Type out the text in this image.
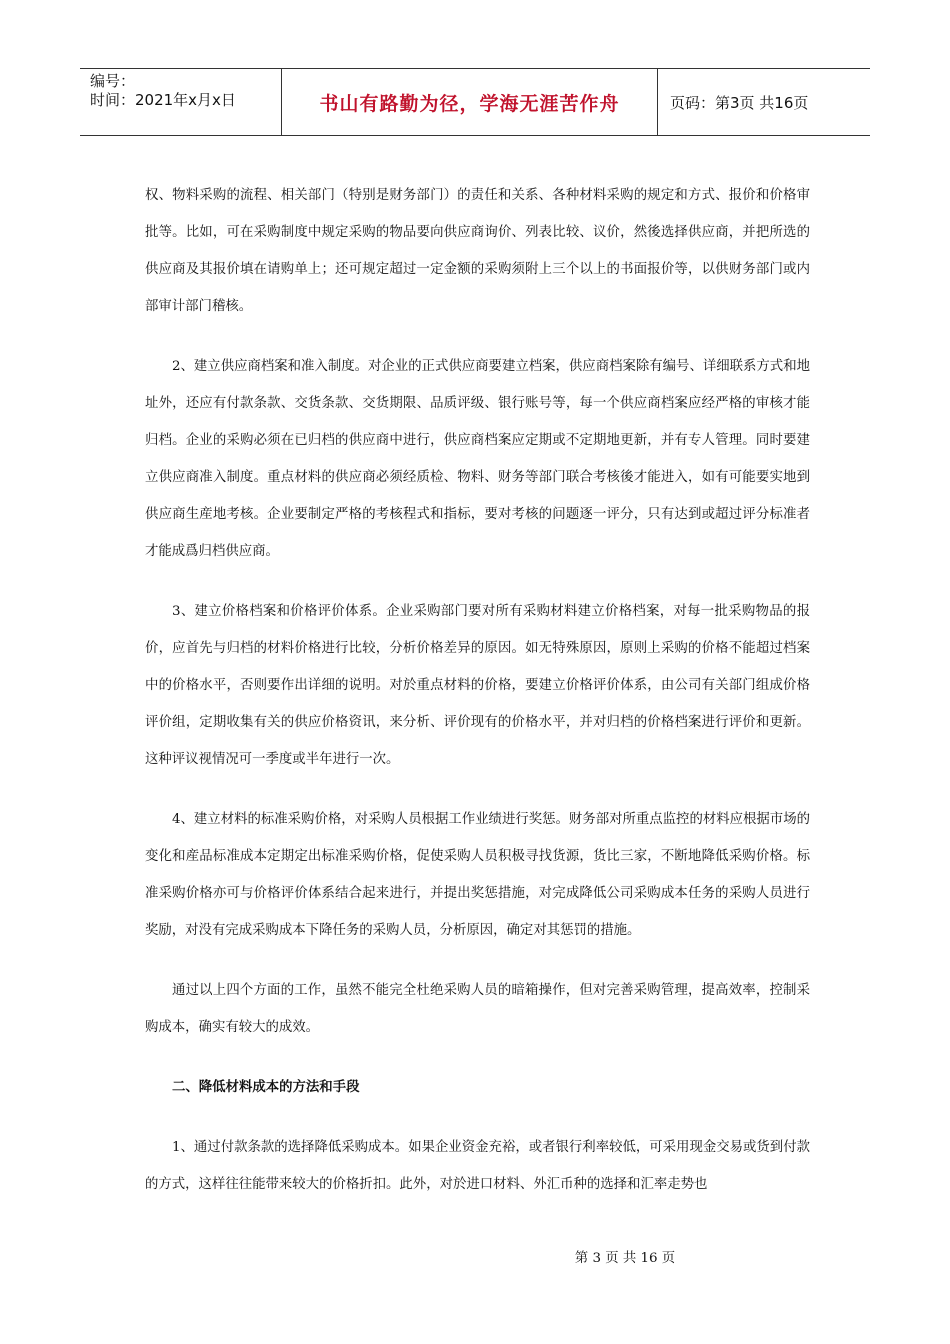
编号：
时间：2021年x月x日	书山有路勤为径，学海无涯苦作舟	页码：第3页 共16页

权、物料采购的流程、相关部门（特别是财务部门）的责任和关系、各种材料采购的规定和方式、报价和价格审批等。比如，可在采购制度中规定采购的物品要向供应商询价、列表比较、议价，然後选择供应商，并把所选的供应商及其报价填在请购单上；还可规定超过一定金额的采购须附上三个以上的书面报价等，以供财务部门或内部审计部门稽核。

2、建立供应商档案和准入制度。对企业的正式供应商要建立档案，供应商档案除有编号、详细联系方式和地址外，还应有付款条款、交货条款、交货期限、品质评级、银行账号等，每一个供应商档案应经严格的审核才能归档。企业的采购必须在已归档的供应商中进行，供应商档案应定期或不定期地更新，并有专人管理。同时要建立供应商准入制度。重点材料的供应商必须经质检、物料、财务等部门联合考核後才能进入，如有可能要实地到供应商生産地考核。企业要制定严格的考核程式和指标，要对考核的问题逐一评分，只有达到或超过评分标准者才能成爲归档供应商。

3、建立价格档案和价格评价体系。企业采购部门要对所有采购材料建立价格档案，对每一批采购物品的报价，应首先与归档的材料价格进行比较，分析价格差异的原因。如无特殊原因，原则上采购的价格不能超过档案中的价格水平，否则要作出详细的说明。对於重点材料的价格，要建立价格评价体系，由公司有关部门组成价格评价组，定期收集有关的供应价格资讯，来分析、评价现有的价格水平，并对归档的价格档案进行评价和更新。这种评议视情况可一季度或半年进行一次。

4、建立材料的标准采购价格，对采购人员根据工作业绩进行奖惩。财务部对所重点监控的材料应根据市场的变化和産品标准成本定期定出标准采购价格，促使采购人员积极寻找货源，货比三家，不断地降低采购价格。标准采购价格亦可与价格评价体系结合起来进行，并提出奖惩措施，对完成降低公司采购成本任务的采购人员进行奖励，对没有完成采购成本下降任务的采购人员，分析原因，确定对其惩罚的措施。

通过以上四个方面的工作，虽然不能完全杜绝采购人员的暗箱操作，但对完善采购管理，提高效率，控制采购成本，确实有较大的成效。

二、降低材料成本的方法和手段

1、通过付款条款的选择降低采购成本。如果企业资金充裕，或者银行利率较低，可采用现金交易或货到付款的方式，这样往往能带来较大的价格折扣。此外，对於进口材料、外汇币种的选择和汇率走势也

第 3 页 共 16 页
